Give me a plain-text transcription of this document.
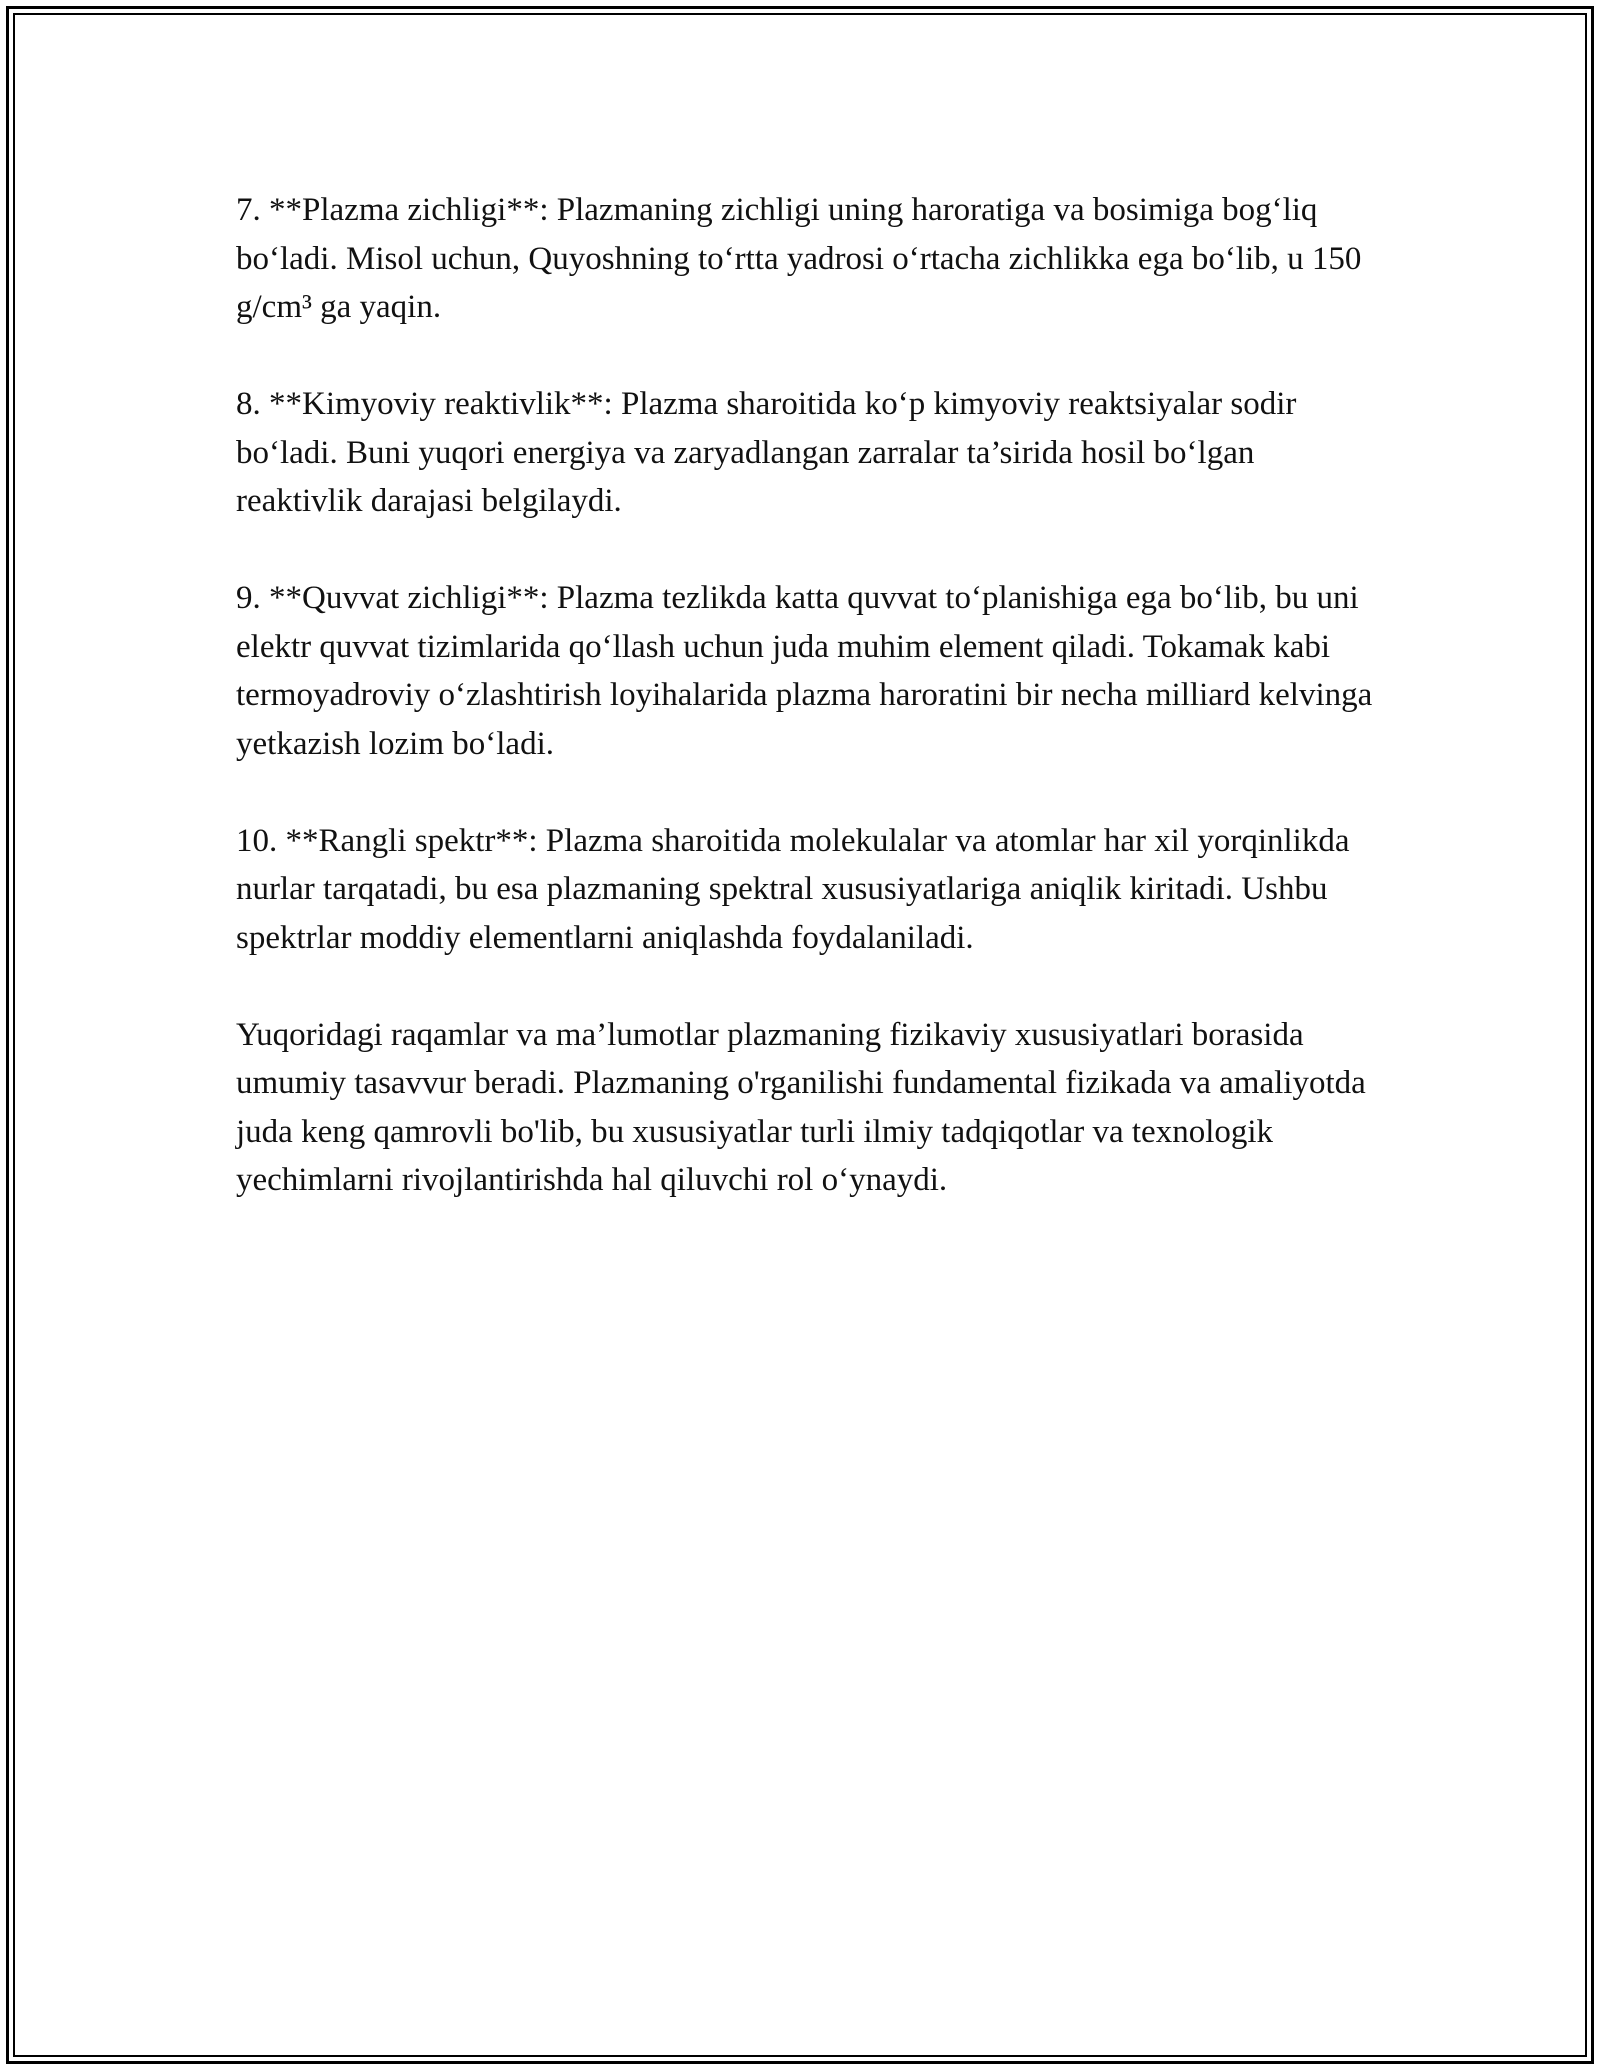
7. **Plazma zichligi**: Plazmaning zichligi uning haroratiga va bosimiga bog‘liq bo‘ladi. Misol uchun, Quyoshning to‘rtta yadrosi o‘rtacha zichlikka ega bo‘lib, u 150 g/cm³ ga yaqin.

8. **Kimyoviy reaktivlik**: Plazma sharoitida ko‘p kimyoviy reaktsiyalar sodir bo‘ladi. Buni yuqori energiya va zaryadlangan zarralar ta’sirida hosil bo‘lgan reaktivlik darajasi belgilaydi.

9. **Quvvat zichligi**: Plazma tezlikda katta quvvat to‘planishiga ega bo‘lib, bu uni elektr quvvat tizimlarida qo‘llash uchun juda muhim element qiladi. Tokamak kabi termoyadroviy o‘zlashtirish loyihalarida plazma haroratini bir necha milliard kelvinga yetkazish lozim bo‘ladi.

10. **Rangli spektr**: Plazma sharoitida molekulalar va atomlar har xil yorqinlikda nurlar tarqatadi, bu esa plazmaning spektral xususiyatlariga aniqlik kiritadi. Ushbu spektrlar moddiy elementlarni aniqlashda foydalaniladi.

Yuqoridagi raqamlar va ma’lumotlar plazmaning fizikaviy xususiyatlari borasida umumiy tasavvur beradi. Plazmaning o'rganilishi fundamental fizikada va amaliyotda juda keng qamrovli bo'lib, bu xususiyatlar turli ilmiy tadqiqotlar va texnologik yechimlarni rivojlantirishda hal qiluvchi rol o‘ynaydi.
